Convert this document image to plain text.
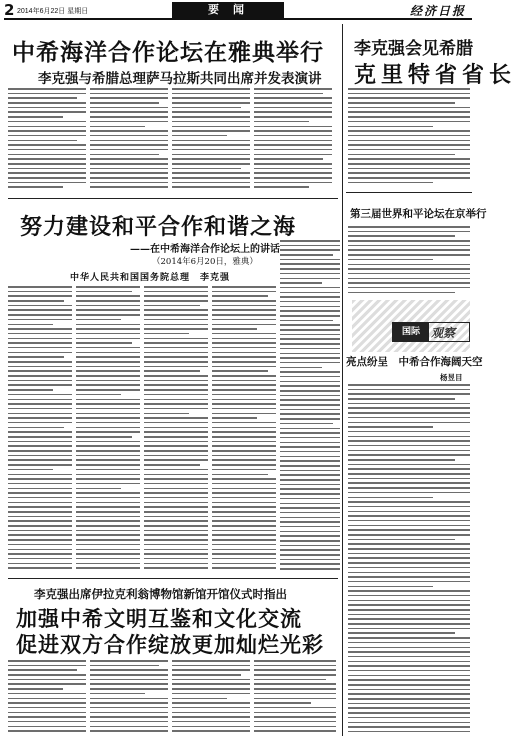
2 2014年6月22日 星期日	要闻	经济日报
中希海洋合作论坛在雅典举行
李克强与希腊总理萨马拉斯共同出席并发表演讲
努力建设和平合作和谐之海
——在中希海洋合作论坛上的讲话
（2014年6月20日，雅典）
中华人民共和国国务院总理　李克强
李克强出席伊拉克利翁博物馆新馆开馆仪式时指出
加强中希文明互鉴和文化交流
促进双方合作绽放更加灿烂光彩
李克强会见希腊
克里特省省长
第三届世界和平论坛在京举行
国际 观察
亮点纷呈　中希合作海阔天空
杨昱目
